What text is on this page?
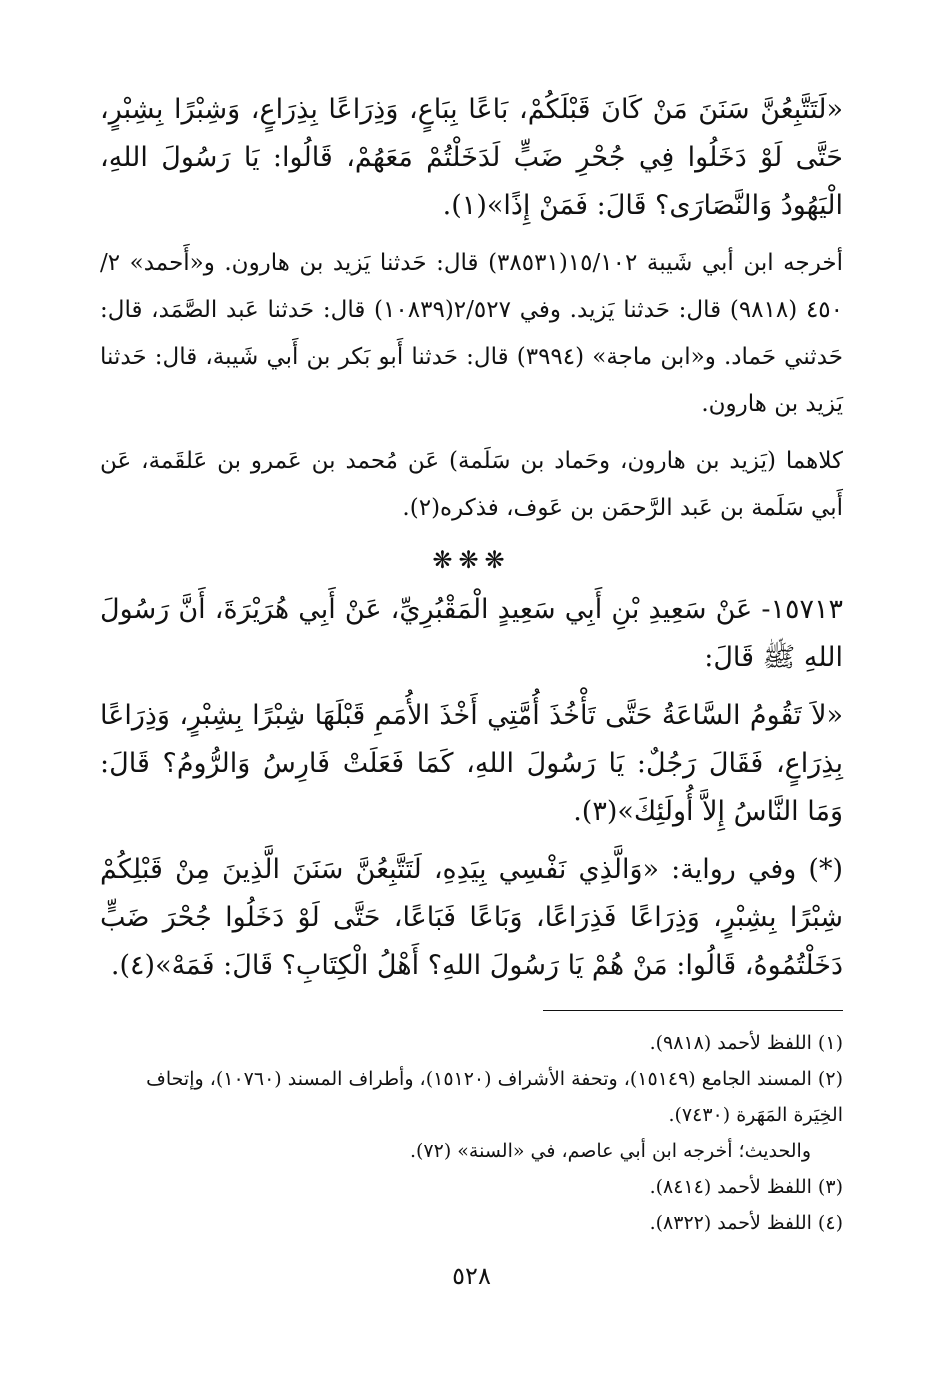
«لَتَتَّبِعُنَّ سَنَنَ مَنْ كَانَ قَبْلَكُمْ، بَاعًا بِبَاعٍ، وَذِرَاعًا بِذِرَاعٍ، وَشِبْرًا بِشِبْرٍ، حَتَّى لَوْ دَخَلُوا فِي جُحْرِ ضَبٍّ لَدَخَلْتُمْ مَعَهُمْ، قَالُوا: يَا رَسُولَ اللهِ، الْيَهُودُ وَالنَّصَارَى؟ قَالَ: فَمَنْ إِذًا»(١).

أخرجه ابن أبي شَيبة ١٥/١٠٢(٣٨٥٣١) قال: حَدثنا يَزيد بن هارون. و«أَحمد» ٢/ ٤٥٠ (٩٨١٨) قال: حَدثنا يَزيد. وفي ٢/٥٢٧(١٠٨٣٩) قال: حَدثنا عَبد الصَّمَد، قال: حَدثني حَماد. و«ابن ماجة» (٣٩٩٤) قال: حَدثنا أَبو بَكر بن أَبي شَيبة، قال: حَدثنا يَزيد بن هارون.

كلاهما (يَزيد بن هارون، وحَماد بن سَلَمة) عَن مُحمد بن عَمرو بن عَلقَمة، عَن أَبي سَلَمة بن عَبد الرَّحمَن بن عَوف، فذكره(٢).

❋❋❋

١٥٧١٣- عَنْ سَعِيدِ بْنِ أَبِي سَعِيدٍ الْمَقْبُرِيِّ، عَنْ أَبِي هُرَيْرَةَ، أَنَّ رَسُولَ اللهِ ﷺ قَالَ:

«لاَ تَقُومُ السَّاعَةُ حَتَّى تَأْخُذَ أُمَّتِي أَخْذَ الأُمَمِ قَبْلَهَا شِبْرًا بِشِبْرٍ، وَذِرَاعًا بِذِرَاعٍ، فَقَالَ رَجُلٌ: يَا رَسُولَ اللهِ، كَمَا فَعَلَتْ فَارِسُ وَالرُّومُ؟ قَالَ: وَمَا النَّاسُ إِلاَّ أُولَئِكَ»(٣).

(*) وفي رواية: «وَالَّذِي نَفْسِي بِيَدِهِ، لَتَتَّبِعُنَّ سَنَنَ الَّذِينَ مِنْ قَبْلِكُمْ شِبْرًا بِشِبْرٍ، وَذِرَاعًا فَذِرَاعًا، وَبَاعًا فَبَاعًا، حَتَّى لَوْ دَخَلُوا جُحْرَ ضَبٍّ دَخَلْتُمُوهُ، قَالُوا: مَنْ هُمْ يَا رَسُولَ اللهِ؟ أَهْلُ الْكِتَابِ؟ قَالَ: فَمَهْ»(٤).

(١) اللفظ لأحمد (٩٨١٨).

(٢) المسند الجامع (١٥١٤٩)، وتحفة الأشراف (١٥١٢٠)، وأطراف المسند (١٠٧٦٠)، وإتحاف الخِيَرة المَهَرة (٧٤٣٠).

والحديث؛ أخرجه ابن أبي عاصم، في «السنة» (٧٢).

(٣) اللفظ لأحمد (٨٤١٤).

(٤) اللفظ لأحمد (٨٣٢٢).

٥٢٨
